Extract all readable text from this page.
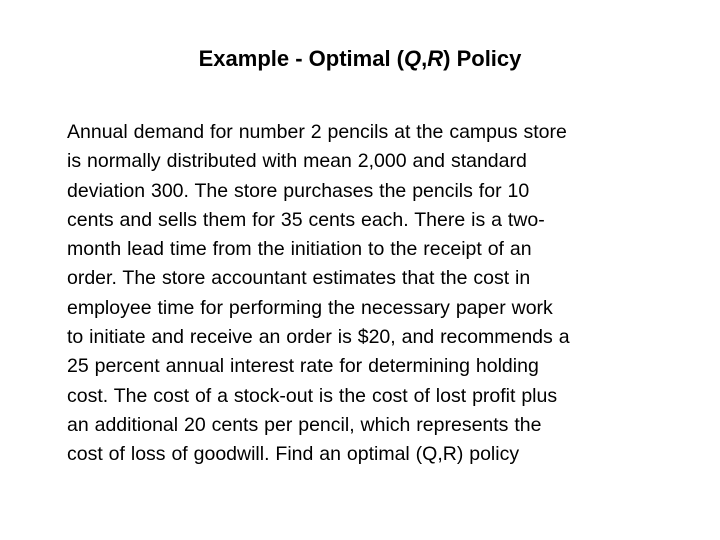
Example - Optimal (Q,R) Policy
Annual demand for number 2 pencils at the campus store
is normally distributed with mean 2,000 and standard
deviation 300. The store purchases the pencils for 10
cents and sells them for 35 cents each. There is a two-
month lead time from the initiation to the receipt of an
order. The store accountant estimates that the cost in
employee time for performing the necessary paper work
to initiate and receive an order is $20, and recommends a
25 percent annual interest rate for determining holding
cost. The cost of a stock-out is the cost of lost profit plus
an additional 20 cents per pencil, which represents the
cost of loss of goodwill. Find an optimal (Q,R) policy
